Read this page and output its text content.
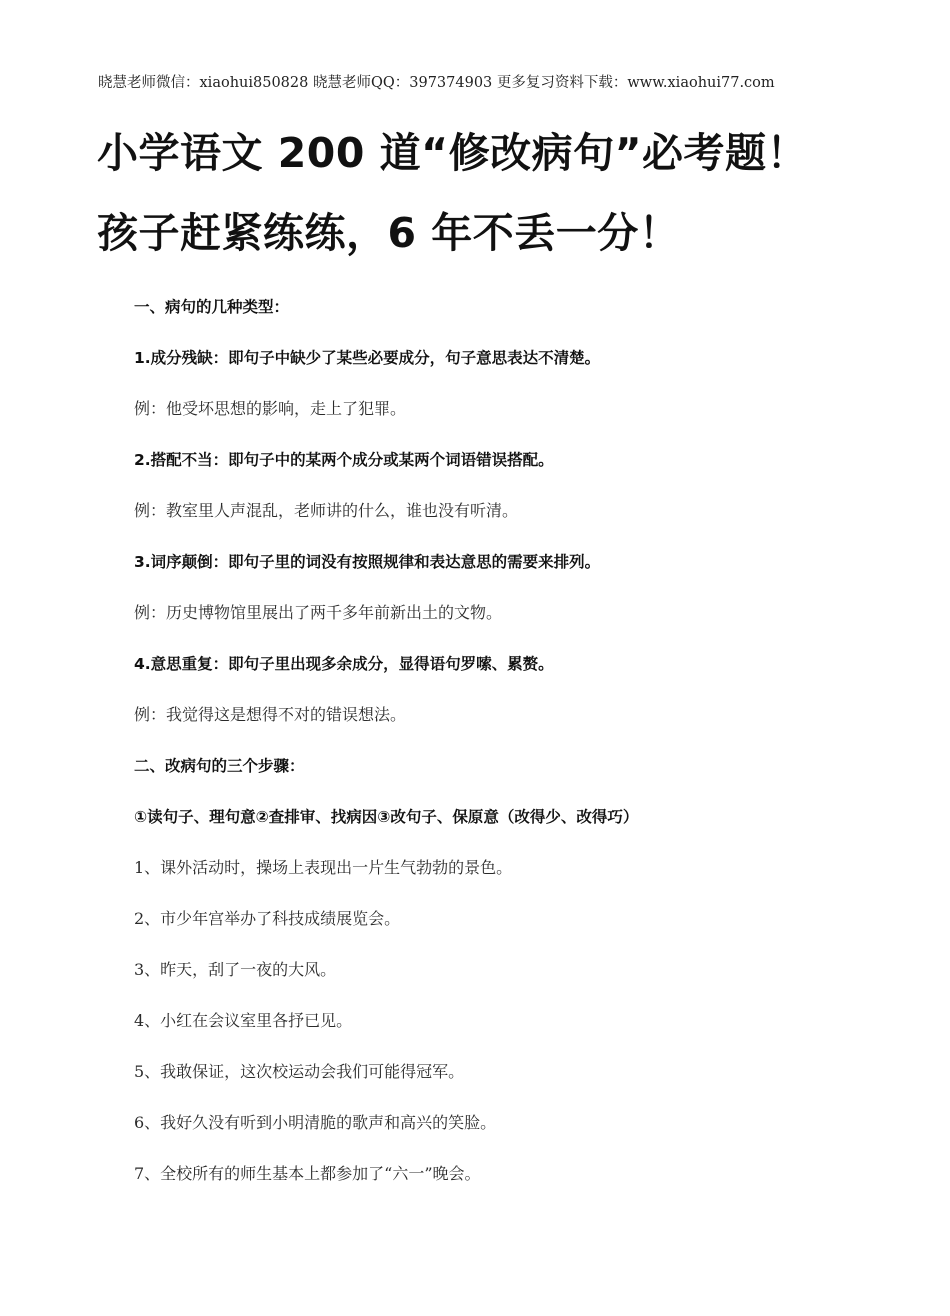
晓慧老师微信：xiaohui850828 晓慧老师QQ：397374903 更多复习资料下载：www.xiaohui77.com
小学语文 200 道“修改病句”必考题！
孩子赶紧练练，6 年不丢一分！
一、病句的几种类型：
1.成分残缺：即句子中缺少了某些必要成分，句子意思表达不清楚。
例：他受坏思想的影响，走上了犯罪。
2.搭配不当：即句子中的某两个成分或某两个词语错误搭配。
例：教室里人声混乱，老师讲的什么，谁也没有听清。
3.词序颠倒：即句子里的词没有按照规律和表达意思的需要来排列。
例：历史博物馆里展出了两千多年前新出土的文物。
4.意思重复：即句子里出现多余成分，显得语句罗嗦、累赘。
例：我觉得这是想得不对的错误想法。
二、改病句的三个步骤：
①读句子、理句意②查排审、找病因③改句子、保原意（改得少、改得巧）
1、课外活动时，操场上表现出一片生气勃勃的景色。
2、市少年宫举办了科技成绩展览会。
3、昨天，刮了一夜的大风。
4、小红在会议室里各抒已见。
5、我敢保证，这次校运动会我们可能得冠军。
6、我好久没有听到小明清脆的歌声和高兴的笑脸。
7、全校所有的师生基本上都参加了“六一”晚会。
